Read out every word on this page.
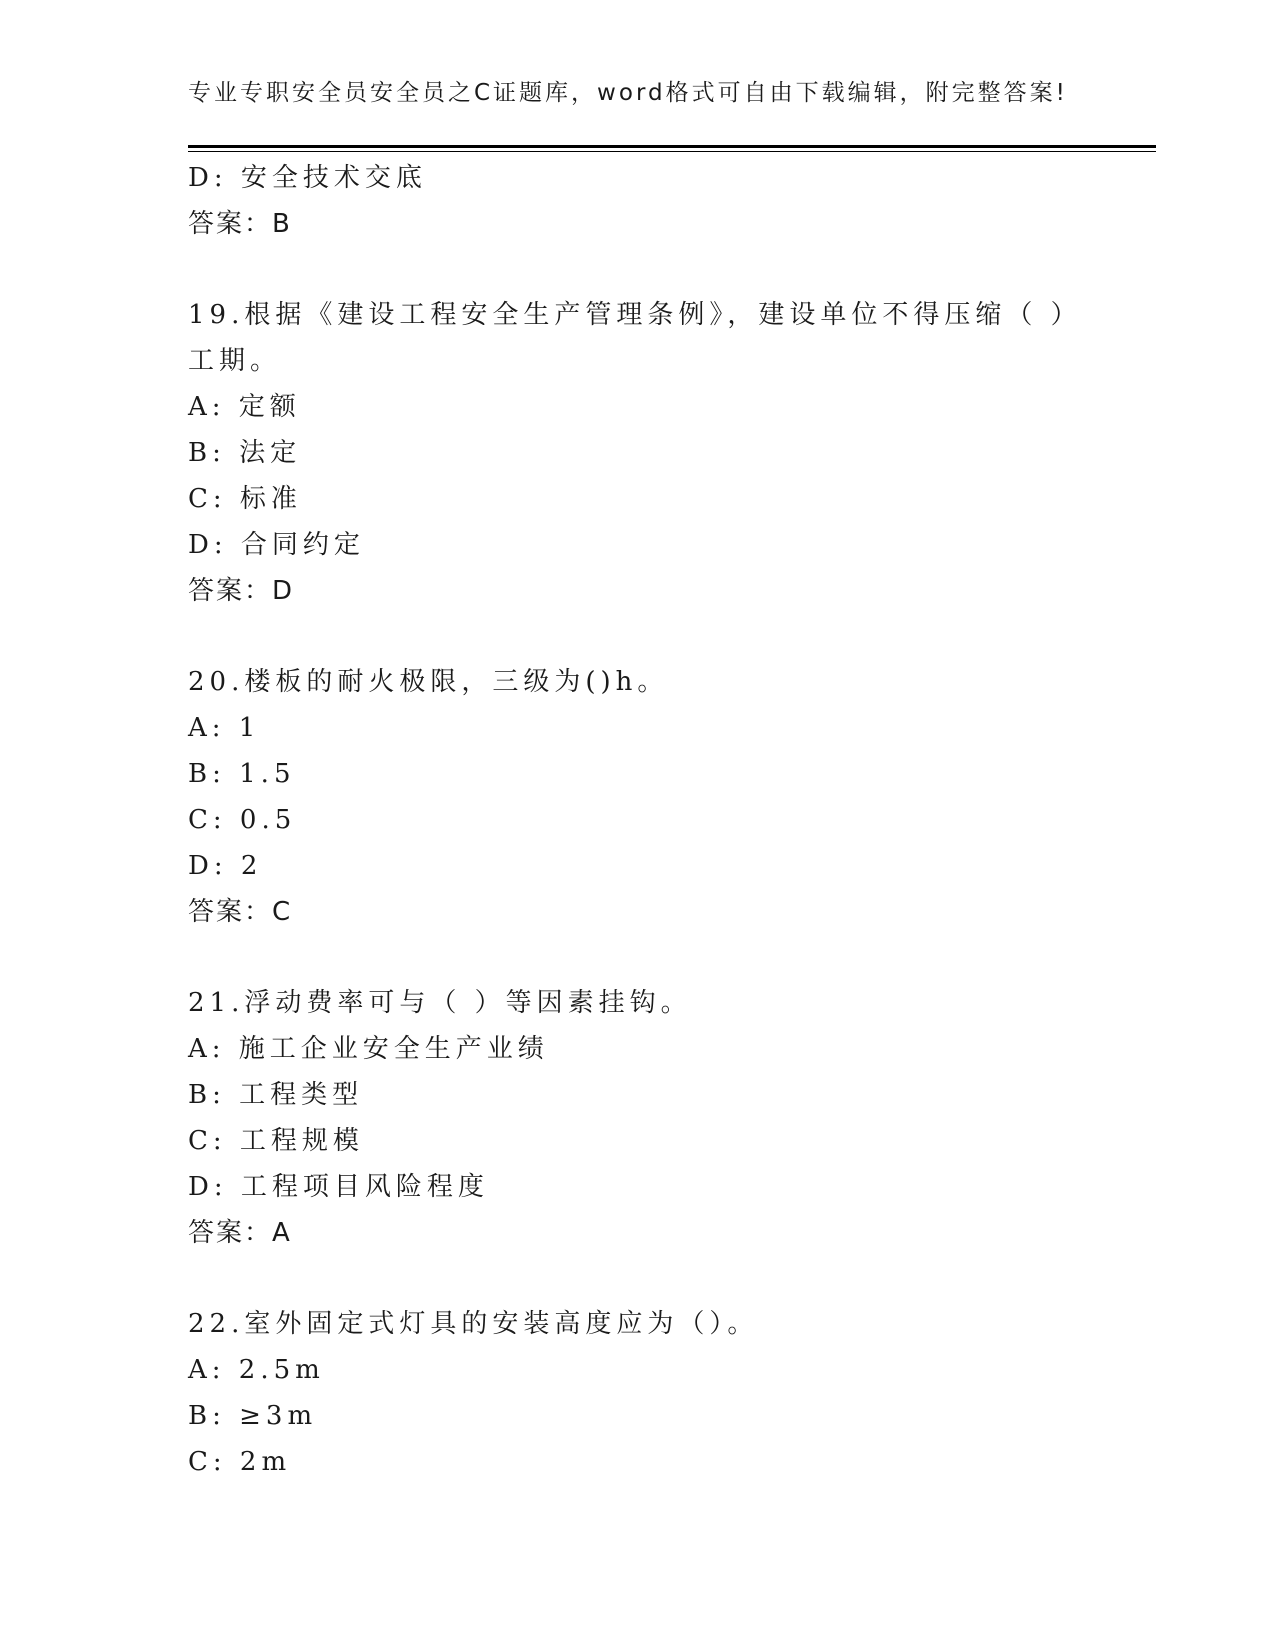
专业专职安全员安全员之C证题库，word格式可自由下载编辑，附完整答案!
D: 安全技术交底
答案：B
19.根据《建设工程安全生产管理条例》，建设单位不得压缩（ ）
工期。
A: 定额
B: 法定
C: 标准
D: 合同约定
答案：D
20.楼板的耐火极限，三级为()h。
A: 1
B: 1.5
C: 0.5
D: 2
答案：C
21.浮动费率可与（ ）等因素挂钩。
A: 施工企业安全生产业绩
B: 工程类型
C: 工程规模
D: 工程项目风险程度
答案：A
22.室外固定式灯具的安装高度应为（）。
A: 2.5m
B: ≥3m
C: 2m
